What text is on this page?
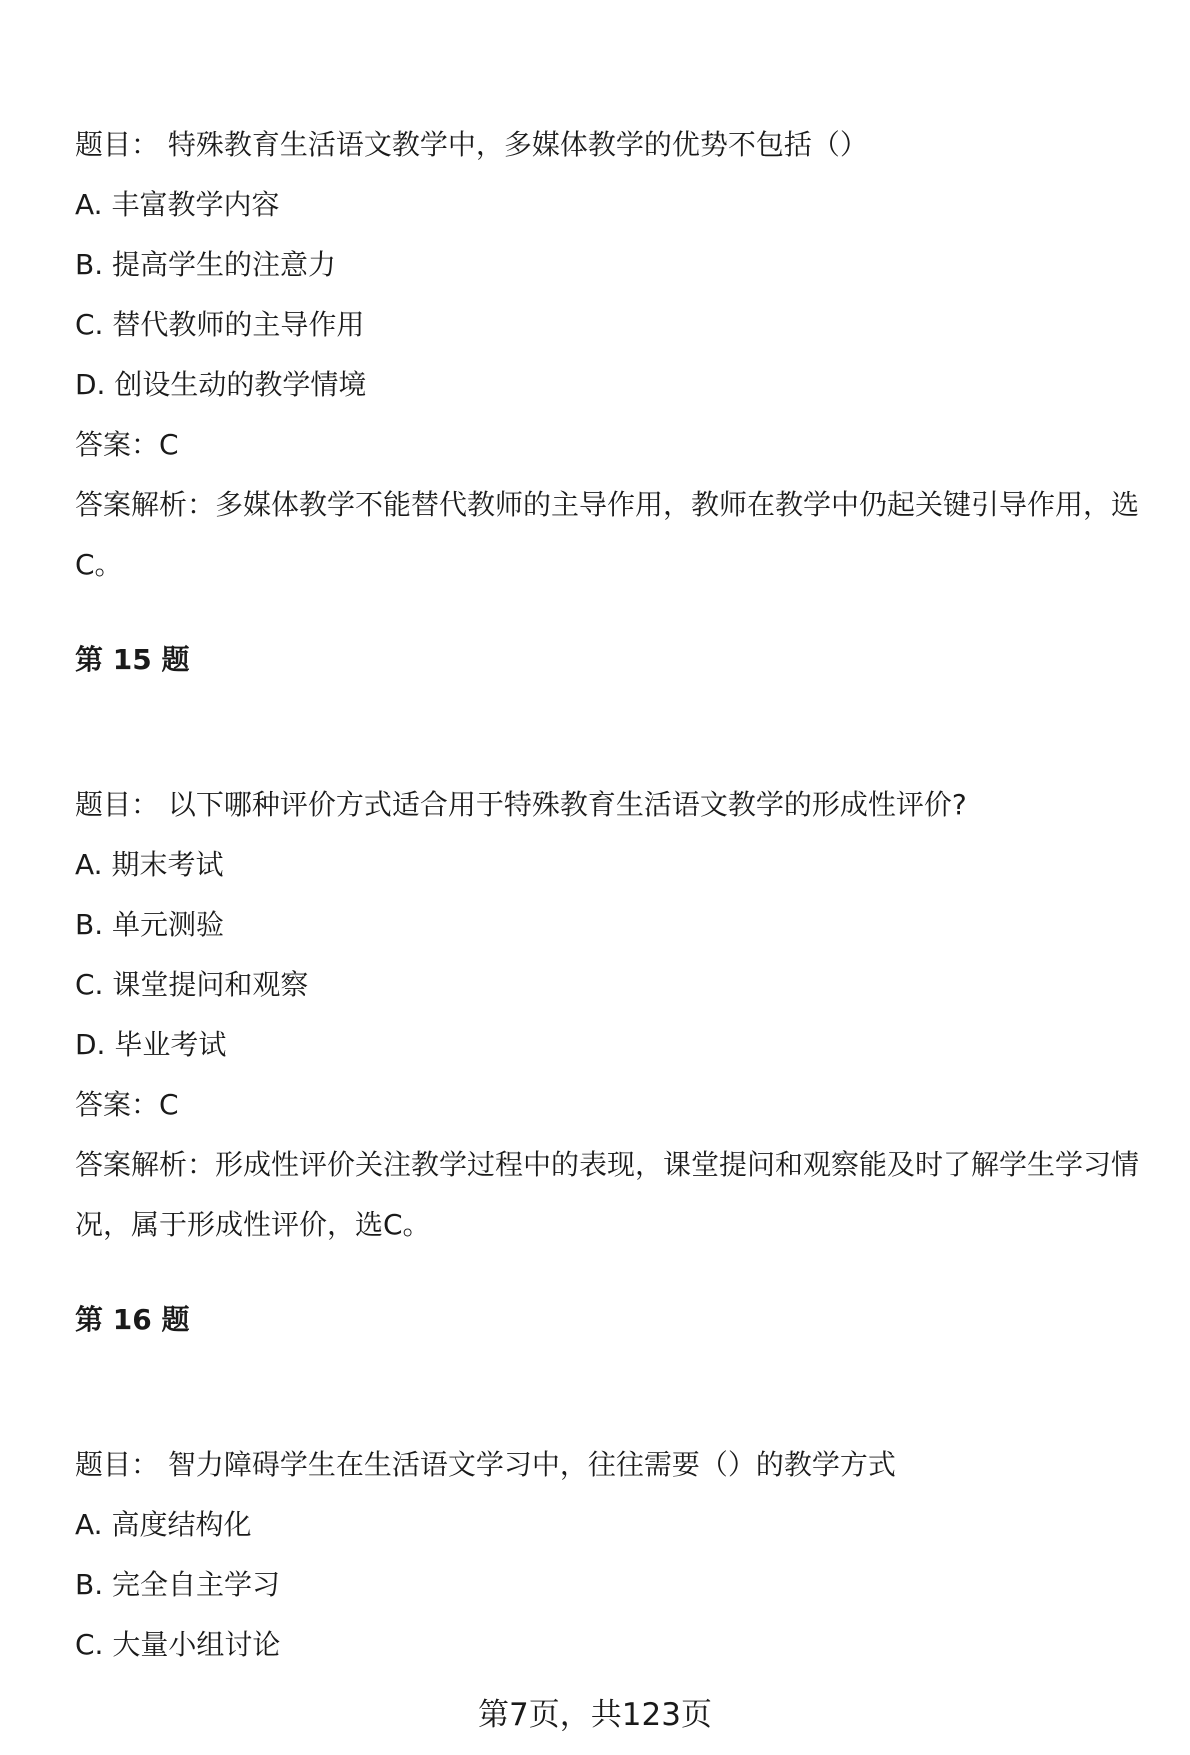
题目： 特殊教育生活语文教学中，多媒体教学的优势不包括（）
A. 丰富教学内容
B. 提高学生的注意力
C. 替代教师的主导作用
D. 创设生动的教学情境
答案：C
答案解析：多媒体教学不能替代教师的主导作用，教师在教学中仍起关键引导作用，选C。
第 15 题
题目： 以下哪种评价方式适合用于特殊教育生活语文教学的形成性评价?
A. 期末考试
B. 单元测验
C. 课堂提问和观察
D. 毕业考试
答案：C
答案解析：形成性评价关注教学过程中的表现，课堂提问和观察能及时了解学生学习情况，属于形成性评价，选C。
第 16 题
题目： 智力障碍学生在生活语文学习中，往往需要（）的教学方式
A. 高度结构化
B. 完全自主学习
C. 大量小组讨论
第7页，共123页
